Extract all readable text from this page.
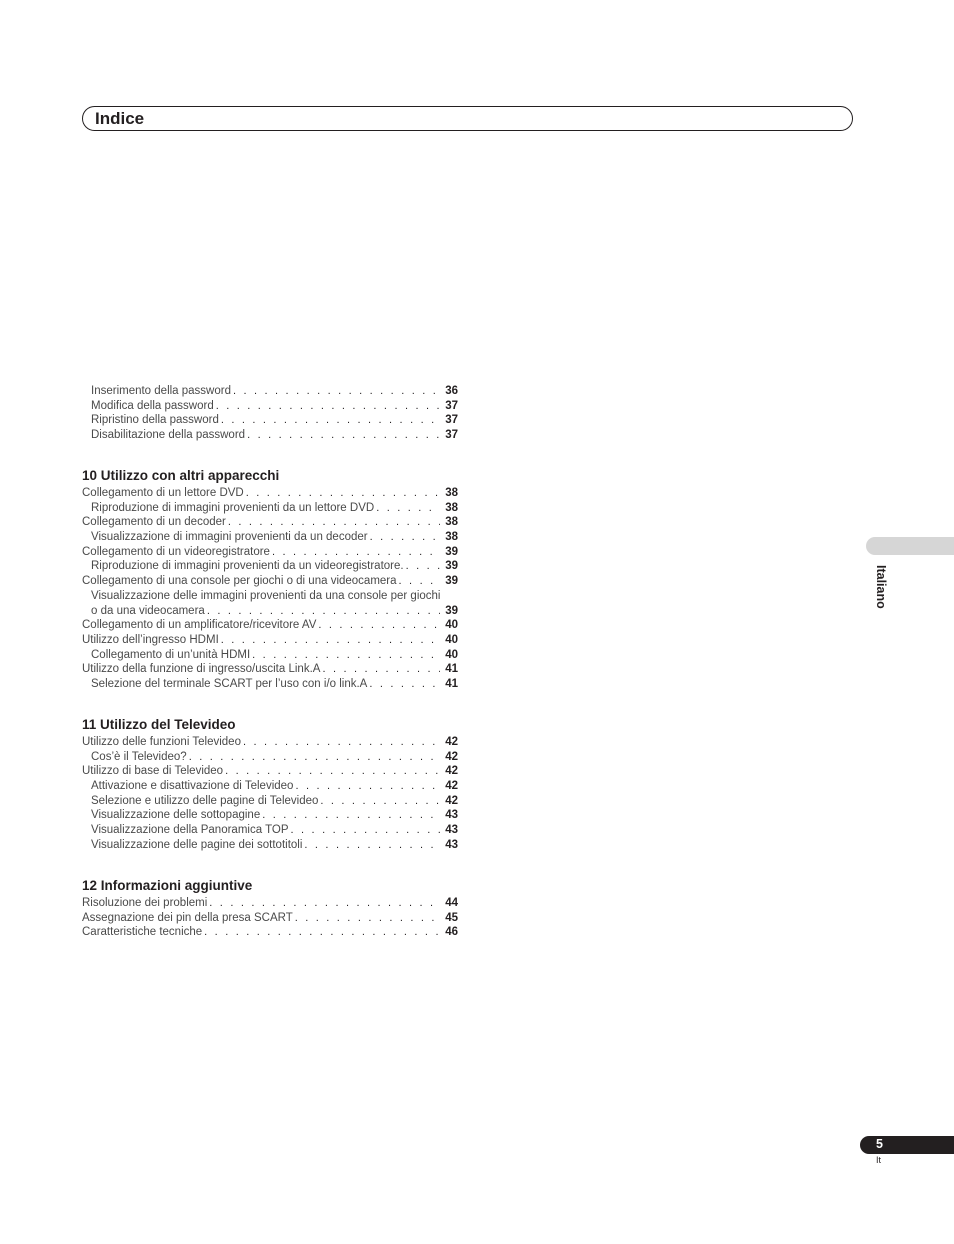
Indice
Inserimento della password . . .	36
Modifica della password . . .	37
Ripristino della password . . .	37
Disabilitazione della password . . .	37
10 Utilizzo con altri apparecchi
Collegamento di un lettore DVD . . .	38
Riproduzione di immagini provenienti da un lettore DVD . . .	38
Collegamento di un decoder . . .	38
Visualizzazione di immagini provenienti da un decoder . . .	38
Collegamento di un videoregistratore . . .	39
Riproduzione di immagini provenienti da un videoregistratore. . . .	39
Collegamento di una console per giochi o di una videocamera . . .	39
Visualizzazione delle immagini provenienti da una console per giochi
o da una videocamera . . .	39
Collegamento di un amplificatore/ricevitore AV . . .	40
Utilizzo dell’ingresso HDMI . . .	40
Collegamento di un’unità HDMI . . .	40
Utilizzo della funzione di ingresso/uscita Link.A . . .	41
Selezione del terminale SCART per l’uso con i/o link.A . . .	41
11 Utilizzo del Televideo
Utilizzo delle funzioni Televideo . . .	42
Cos’è il Televideo? . . .	42
Utilizzo di base di Televideo . . .	42
Attivazione e disattivazione di Televideo . . .	42
Selezione e utilizzo delle pagine di Televideo . . .	42
Visualizzazione delle sottopagine . . .	43
Visualizzazione della Panoramica TOP . . .	43
Visualizzazione delle pagine dei sottotitoli . . .	43
12 Informazioni aggiuntive
Risoluzione dei problemi . . .	44
Assegnazione dei pin della presa SCART . . .	45
Caratteristiche tecniche . . .	46
Italiano
5
It
